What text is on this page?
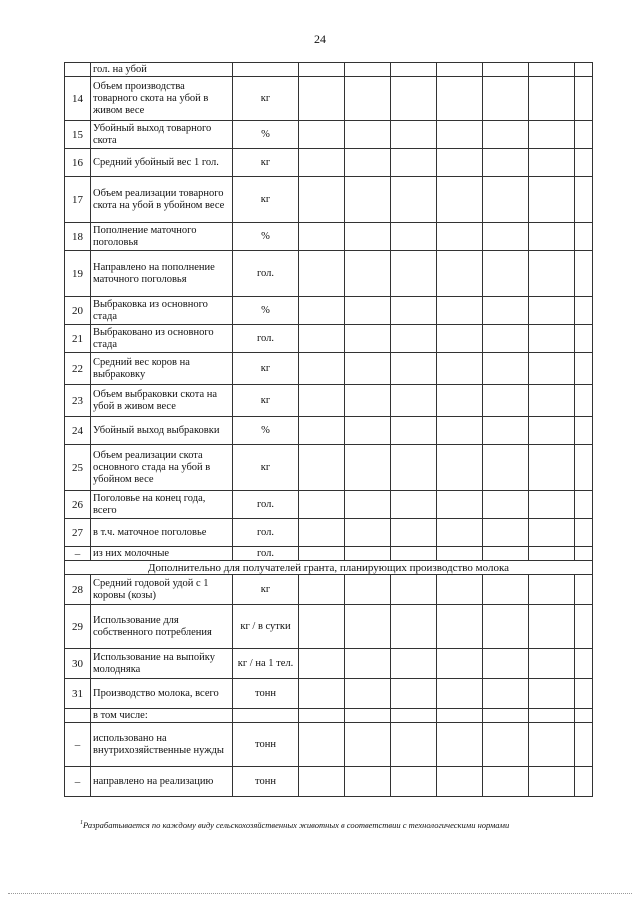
24
	гол. на убой								
14	Объем производства товарного скота на убой в живом весе	кг							
15	Убойный выход товарного скота	%							
16	Средний убойный вес 1 гол.	кг							
17	Объем реализации товарного скота на убой в убойном весе	кг							
18	Пополнение маточного поголовья	%							
19	Направлено на пополнение маточного поголовья	гол.							
20	Выбраковка из основного стада	%							
21	Выбраковано из основного стада	гол.							
22	Средний вес коров на выбраковку	кг							
23	Объем выбраковки скота на убой в живом весе	кг							
24	Убойный выход выбраковки	%							
25	Объем реализации скота основного стада на убой в убойном весе	кг							
26	Поголовье на конец года, всего	гол.							
27	в т.ч. маточное поголовье	гол.							
–	из них молочные	гол.							
Дополнительно для получателей гранта, планирующих производство молока									
28	Средний годовой удой с 1 коровы (козы)	кг							
29	Использование для собственного потребления	кг / в сутки							
30	Использование на выпойку молодняка	кг / на 1 тел.							
31	Производство молока, всего	тонн							
	в том числе:								
–	использовано на внутрихозяйственные нужды	тонн							
–	направлено на реализацию	тонн							
$^1$Разрабатывается по каждому виду сельскохозяйственных животных в соответствии с технологическими нормами
